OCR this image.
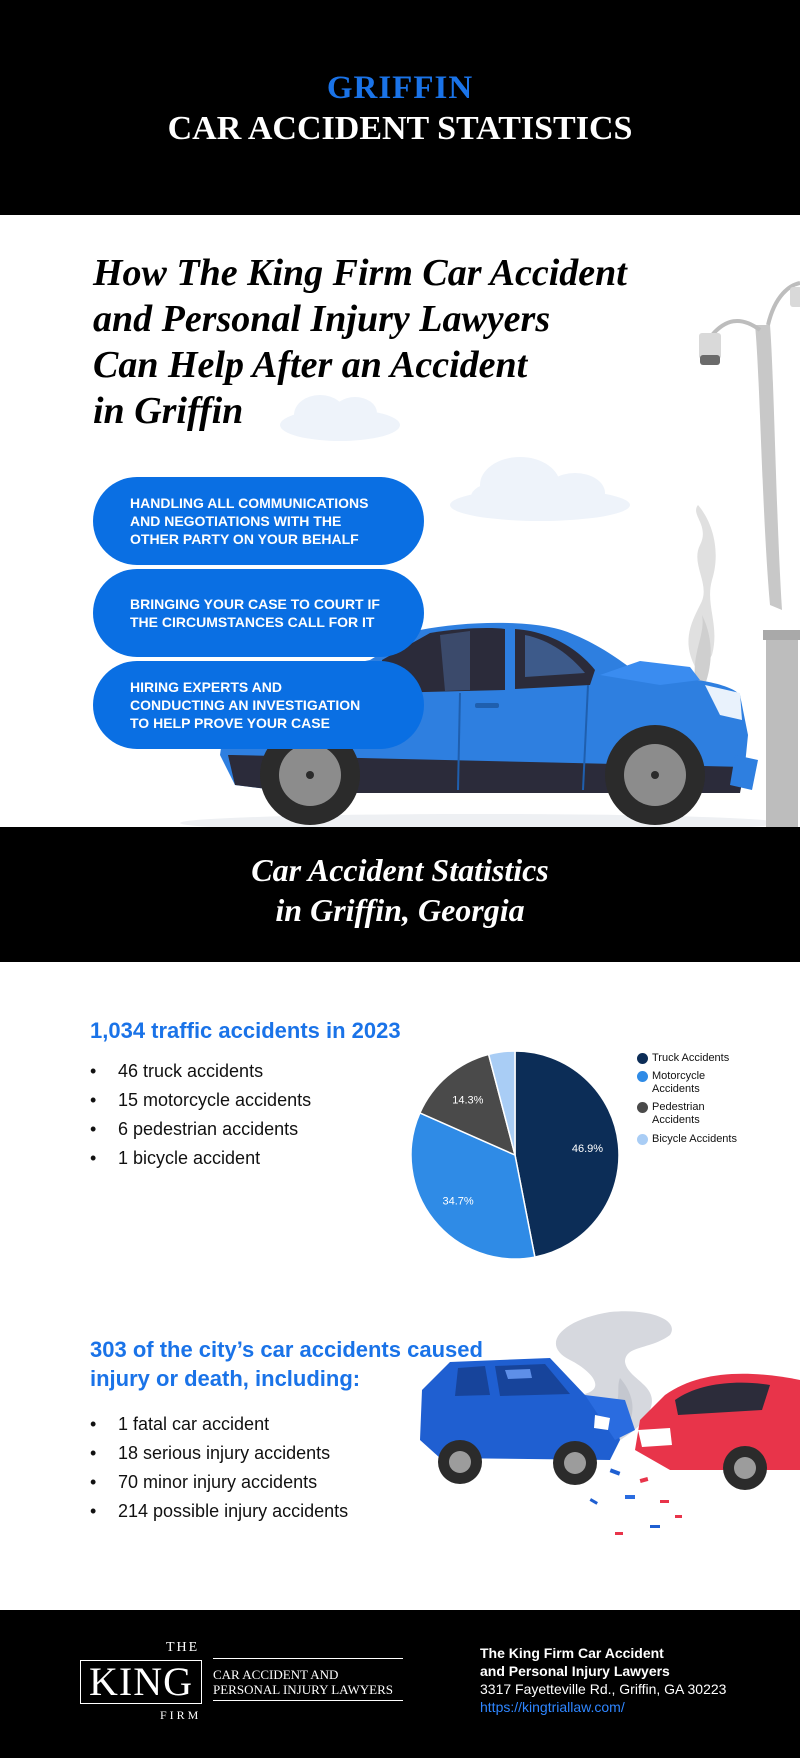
GRIFFIN
CAR ACCIDENT STATISTICS
How The King Firm Car Accident
and Personal Injury Lawyers
Can Help After an Accident
in Griffin
HANDLING ALL COMMUNICATIONS
AND NEGOTIATIONS WITH THE
OTHER PARTY ON YOUR BEHALF
BRINGING YOUR CASE TO COURT IF
THE CIRCUMSTANCES CALL FOR IT
HIRING EXPERTS AND
CONDUCTING AN INVESTIGATION
TO HELP PROVE YOUR CASE
Car Accident Statistics
in Griffin, Georgia
1,034 traffic accidents in 2023
• 46 truck accidents
• 15 motorcycle accidents
• 6 pedestrian accidents
• 1 bicycle accident	46.9%
34.7%
14.3%
Truck Accidents
Motorcycle
Accidents
Pedestrian
Accidents
Bicycle Accidents
303 of the city’s car accidents caused
injury or death, including:
• 1 fatal car accident
• 18 serious injury accidents
• 70 minor injury accidents
• 214 possible injury accidents
THE
KING
FIRM
CAR ACCIDENT AND
PERSONAL INJURY LAWYERS
The King Firm Car Accident
and Personal Injury Lawyers
3317 Fayetteville Rd., Griffin, GA 30223
https://kingtriallaw.com/
